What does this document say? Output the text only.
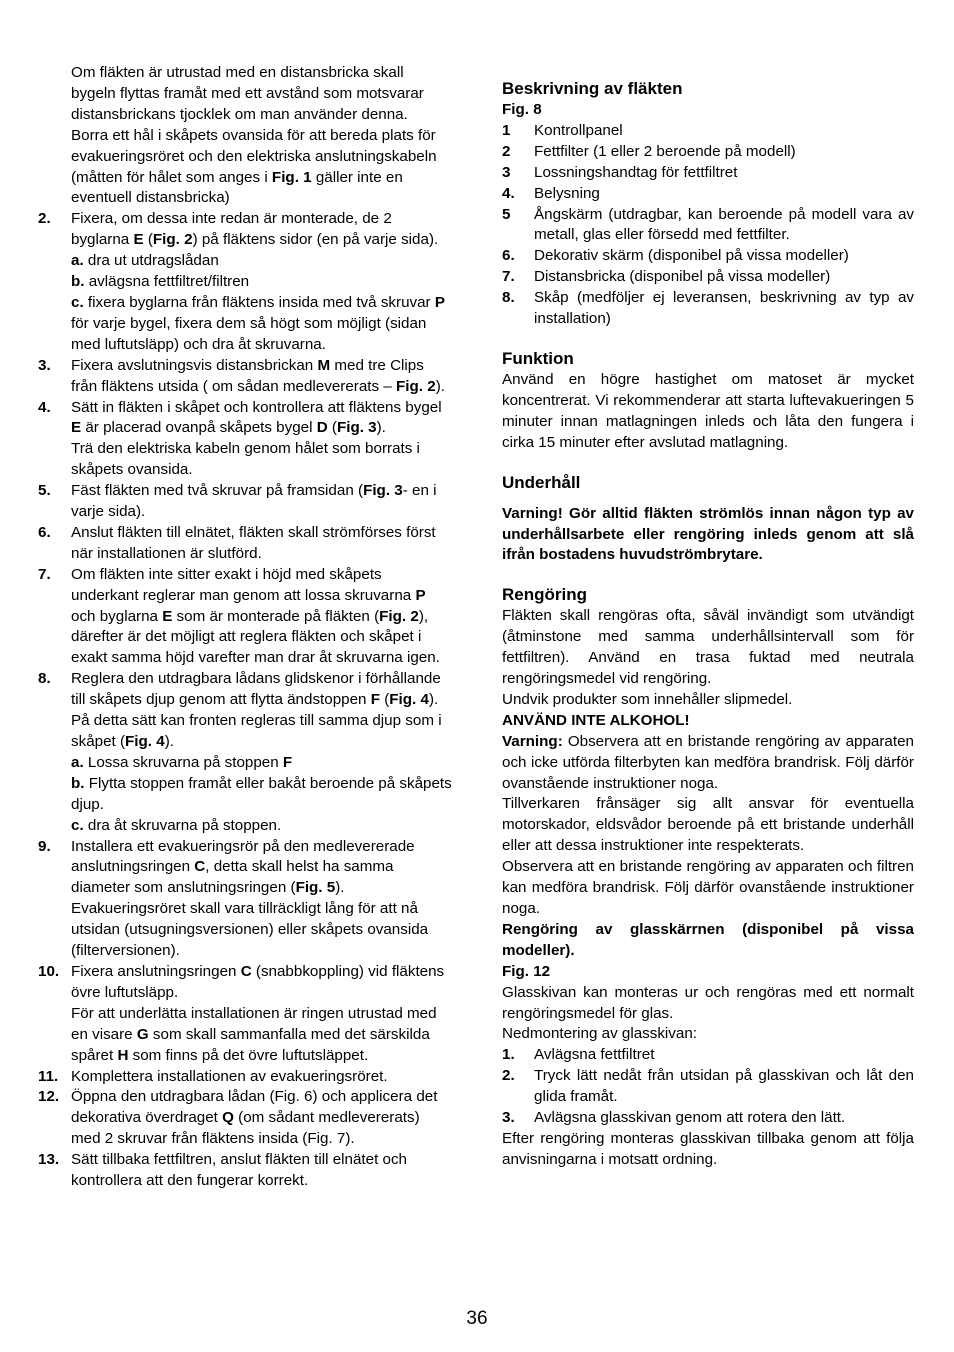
Om fläkten är utrustad med en distansbricka skall bygeln flyttas framåt med ett avstånd som motsvarar distansbrickans tjocklek om man använder denna.
Borra ett hål i skåpets ovansida för att bereda plats för evakueringsröret och den elektriska anslutningskabeln (måtten för hålet som anges i Fig. 1 gäller inte en eventuell distansbricka)
2.	Fixera, om dessa inte redan är monterade, de 2 byglarna E (Fig. 2) på fläktens sidor (en på varje sida).
a. dra ut utdragslådan
b. avlägsna fettfiltret/filtren
c. fixera byglarna från fläktens insida med två skruvar P för varje bygel, fixera dem så högt som möjligt (sidan med luftutsläpp) och dra åt skruvarna.
3.	Fixera avslutningsvis distansbrickan M med tre Clips från fläktens utsida ( om sådan medlevererats – Fig. 2).
4.	Sätt in fläkten i skåpet och kontrollera att fläktens bygel E är placerad ovanpå skåpets bygel D (Fig. 3).
Trä den elektriska kabeln genom hålet som borrats i skåpets ovansida.
5.	Fäst fläkten med två skruvar på framsidan (Fig. 3- en i varje sida).
6.	Anslut fläkten till elnätet, fläkten skall strömförses först när installationen är slutförd.
7.	Om fläkten inte sitter exakt i höjd med skåpets underkant reglerar man genom att lossa skruvarna P och byglarna E som är monterade på fläkten (Fig. 2), därefter är det möjligt att reglera fläkten och skåpet i exakt samma höjd varefter man drar åt skruvarna igen.
8.	Reglera den utdragbara lådans glidskenor i förhållande till skåpets djup genom att flytta ändstoppen F (Fig. 4). På detta sätt kan fronten regleras till samma djup som i skåpet (Fig. 4).
a. Lossa skruvarna på stoppen F
b. Flytta stoppen framåt eller bakåt beroende på skåpets djup.
c. dra åt skruvarna på stoppen.
9.	Installera ett evakueringsrör på den medlevererade anslutningsringen C, detta skall helst ha samma diameter som anslutningsringen (Fig. 5). Evakueringsröret skall vara tillräckligt lång för att nå utsidan (utsugningsversionen) eller skåpets ovansida (filterversionen).
10. Fixera anslutningsringen C (snabbkoppling) vid fläktens övre luftutsläpp.
För att underlätta installationen är ringen utrustad med en visare G som skall sammanfalla med det särskilda spåret H som finns på det övre luftutsläppet.
11. Komplettera installationen av evakueringsröret.
12. Öppna den utdragbara lådan (Fig. 6) och applicera det dekorativa överdraget Q (om sådant medlevererats) med 2 skruvar från fläktens insida (Fig. 7).
13. Sätt tillbaka fettfiltren, anslut fläkten till elnätet och kontrollera att den fungerar korrekt.
Beskrivning av fläkten
Fig. 8
1	Kontrollpanel
2	Fettfilter (1 eller 2 beroende på modell)
3	Lossningshandtag för fettfiltret
4.	Belysning
5	Ångskärm (utdragbar, kan beroende på modell vara av metall, glas eller försedd med fettfilter.
6.	Dekorativ skärm (disponibel på vissa modeller)
7.	Distansbricka (disponibel på vissa modeller)
8.	Skåp (medföljer ej leveransen, beskrivning av typ av installation)
Funktion
Använd en högre hastighet om matoset är mycket koncentrerat. Vi rekommenderar att starta luftevakueringen 5 minuter innan matlagningen inleds och låta den fungera i cirka 15 minuter efter avslutad matlagning.
Underhåll
Varning! Gör alltid fläkten strömlös innan någon typ av underhållsarbete eller rengöring inleds genom att slå ifrån bostadens huvudströmbrytare.
Rengöring
Fläkten skall rengöras ofta, såväl invändigt som utvändigt (åtminstone med samma underhållsintervall som för fettfiltren). Använd en trasa fuktad med neutrala rengöringsmedel vid rengöring.
Undvik produkter som innehåller slipmedel.
ANVÄND INTE ALKOHOL!
Varning: Observera att en bristande rengöring av apparaten och icke utförda filterbyten kan medföra brandrisk. Följ därför ovanstående instruktioner noga.
Tillverkaren frånsäger sig allt ansvar för eventuella motorskador, eldsvådor beroende på ett bristande underhåll eller att dessa instruktioner inte respekterats.
Observera att en bristande rengöring av apparaten och filtren kan medföra brandrisk. Följ därför ovanstående instruktioner noga.
Rengöring av glasskärrnen (disponibel på vissa modeller).
Fig. 12
Glasskivan kan monteras ur och rengöras med ett normalt rengöringsmedel för glas.
Nedmontering av glasskivan:
1.	Avlägsna fettfiltret
2.	Tryck lätt nedåt från utsidan på glasskivan och låt den glida framåt.
3.	Avlägsna glasskivan genom att rotera den lätt.
Efter rengöring monteras glasskivan tillbaka genom att följa anvisningarna i motsatt ordning.
36
